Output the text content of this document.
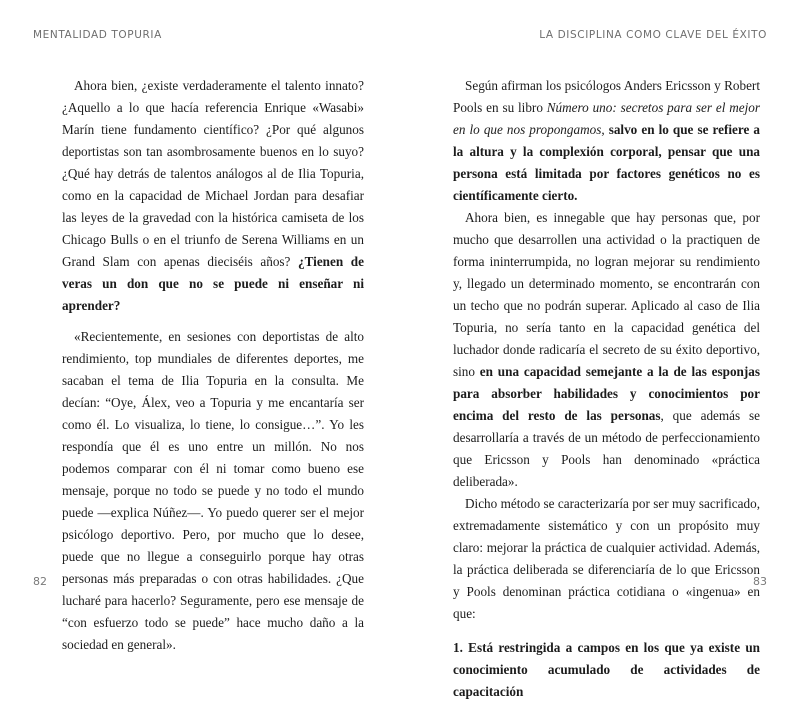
MENTALIDAD TOPURIA

Ahora bien, ¿existe verdaderamente el talento innato? ¿Aquello a lo que hacía referencia Enrique «Wasabi» Marín tiene fundamento científico? ¿Por qué algunos deportistas son tan asombrosamente buenos en lo suyo? ¿Qué hay detrás de talentos análogos al de Ilia Topuria, como en la capacidad de Michael Jordan para desafiar las leyes de la gravedad con la histórica camiseta de los Chicago Bulls o en el triunfo de Serena Williams en un Grand Slam con apenas dieciséis años? ¿Tienen de veras un don que no se puede ni enseñar ni aprender?

«Recientemente, en sesiones con deportistas de alto rendimiento, top mundiales de diferentes deportes, me sacaban el tema de Ilia Topuria en la consulta. Me decían: “Oye, Álex, veo a Topuria y me encantaría ser como él. Lo visualiza, lo tiene, lo consigue…”. Yo les respondía que él es uno entre un millón. No nos podemos comparar con él ni tomar como bueno ese mensaje, porque no todo se puede y no todo el mundo puede —explica Núñez—. Yo puedo querer ser el mejor psicólogo deportivo. Pero, por mucho que lo desee, puede que no llegue a conseguirlo porque hay otras personas más preparadas o con otras habilidades. ¿Que lucharé para hacerlo? Seguramente, pero ese mensaje de “con esfuerzo todo se puede” hace mucho daño a la sociedad en general».

82
LA DISCIPLINA COMO CLAVE DEL ÉXITO

Según afirman los psicólogos Anders Ericsson y Robert Pools en su libro Número uno: secretos para ser el mejor en lo que nos propongamos, salvo en lo que se refiere a la altura y la complexión corporal, pensar que una persona está limitada por factores genéticos no es científicamente cierto.

Ahora bien, es innegable que hay personas que, por mucho que desarrollen una actividad o la practiquen de forma ininterrumpida, no logran mejorar su rendimiento y, llegado un determinado momento, se encontrarán con un techo que no podrán superar. Aplicado al caso de Ilia Topuria, no sería tanto en la capacidad genética del luchador donde radicaría el secreto de su éxito deportivo, sino en una capacidad semejante a la de las esponjas para absorber habilidades y conocimientos por encima del resto de las personas, que además se desarrollaría a través de un método de perfeccionamiento que Ericsson y Pools han denominado «práctica deliberada».

Dicho método se caracterizaría por ser muy sacrificado, extremadamente sistemático y con un propósito muy claro: mejorar la práctica de cualquier actividad. Además, la práctica deliberada se diferenciaría de lo que Ericsson y Pools denominan práctica cotidiana o «ingenua» en que:

1. Está restringida a campos en los que ya existe un conocimiento acumulado de actividades de capacitación

83
